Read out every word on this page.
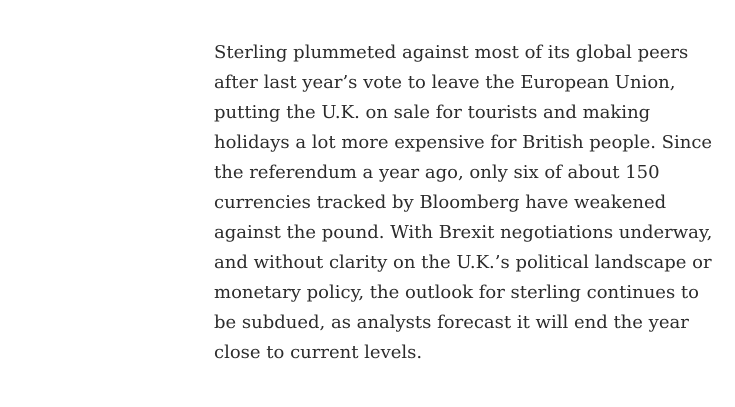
Sterling plummeted against most of its global peers
after last year’s vote to leave the European Union,
putting the U.K. on sale for tourists and making
holidays a lot more expensive for British people. Since
the referendum a year ago, only six of about 150
currencies tracked by Bloomberg have weakened
against the pound. With Brexit negotiations underway,
and without clarity on the U.K.’s political landscape or
monetary policy, the outlook for sterling continues to
be subdued, as analysts forecast it will end the year
close to current levels.
